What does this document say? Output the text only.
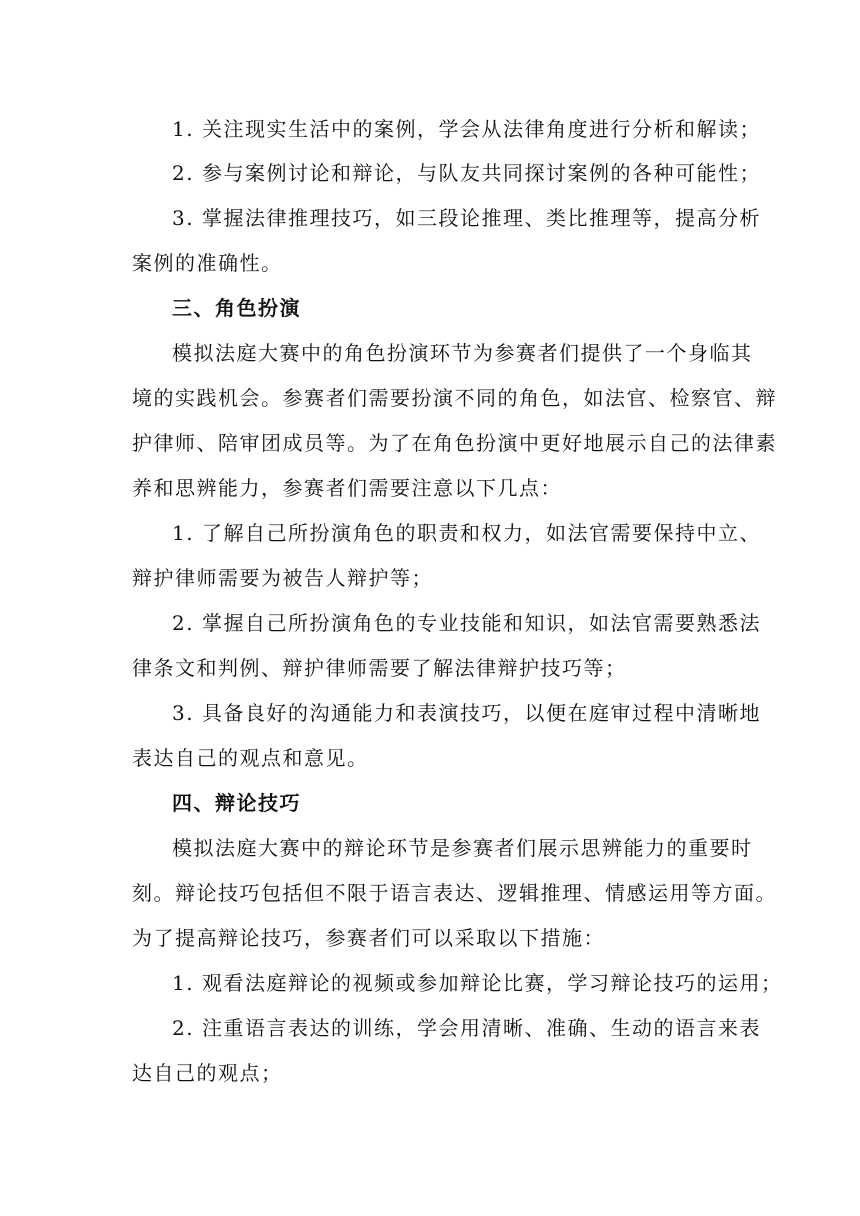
1. 关注现实生活中的案例，学会从法律角度进行分析和解读；
2. 参与案例讨论和辩论，与队友共同探讨案例的各种可能性；
3. 掌握法律推理技巧，如三段论推理、类比推理等，提高分析
案例的准确性。
三、角色扮演
模拟法庭大赛中的角色扮演环节为参赛者们提供了一个身临其
境的实践机会。参赛者们需要扮演不同的角色，如法官、检察官、辩
护律师、陪审团成员等。为了在角色扮演中更好地展示自己的法律素
养和思辨能力，参赛者们需要注意以下几点：
1. 了解自己所扮演角色的职责和权力，如法官需要保持中立、
辩护律师需要为被告人辩护等；
2. 掌握自己所扮演角色的专业技能和知识，如法官需要熟悉法
律条文和判例、辩护律师需要了解法律辩护技巧等；
3. 具备良好的沟通能力和表演技巧，以便在庭审过程中清晰地
表达自己的观点和意见。
四、辩论技巧
模拟法庭大赛中的辩论环节是参赛者们展示思辨能力的重要时
刻。辩论技巧包括但不限于语言表达、逻辑推理、情感运用等方面。
为了提高辩论技巧，参赛者们可以采取以下措施：
1. 观看法庭辩论的视频或参加辩论比赛，学习辩论技巧的运用；
2. 注重语言表达的训练，学会用清晰、准确、生动的语言来表
达自己的观点；
